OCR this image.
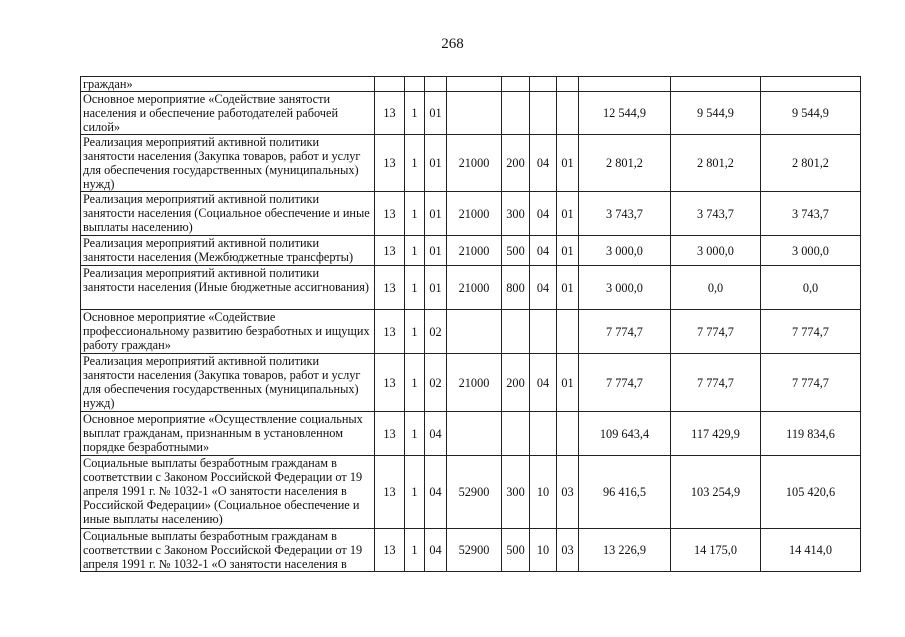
268
граждан»										
Основное мероприятие «Содействие занятости населения и обеспечение работодателей рабочей силой»	13	1	01					12 544,9	9 544,9	9 544,9
Реализация мероприятий активной политики занятости населения (Закупка товаров, работ и услуг для обеспечения государственных (муниципальных) нужд)	13	1	01	21000	200	04	01	2 801,2	2 801,2	2 801,2
Реализация мероприятий активной политики занятости населения (Социальное обеспечение и иные выплаты населению)	13	1	01	21000	300	04	01	3 743,7	3 743,7	3 743,7
Реализация мероприятий активной политики занятости населения (Межбюджетные трансферты)	13	1	01	21000	500	04	01	3 000,0	3 000,0	3 000,0
Реализация мероприятий активной политики занятости населения (Иные бюджетные ассигнования)	13	1	01	21000	800	04	01	3 000,0	0,0	0,0
Основное мероприятие «Содействие профессиональному развитию безработных и ищущих работу граждан»	13	1	02					7 774,7	7 774,7	7 774,7
Реализация мероприятий активной политики занятости населения (Закупка товаров, работ и услуг для обеспечения государственных (муниципальных) нужд)	13	1	02	21000	200	04	01	7 774,7	7 774,7	7 774,7
Основное мероприятие «Осуществление социальных выплат гражданам, признанным в установленном порядке безработными»	13	1	04					109 643,4	117 429,9	119 834,6
Социальные выплаты безработным гражданам в соответствии с Законом Российской Федерации от 19 апреля 1991 г. № 1032-1 «О занятости населения в Российской Федерации» (Социальное обеспечение и иные выплаты населению)	13	1	04	52900	300	10	03	96 416,5	103 254,9	105 420,6
Социальные выплаты безработным гражданам в соответствии с Законом Российской Федерации от 19 апреля 1991 г. № 1032-1 «О занятости населения в	13	1	04	52900	500	10	03	13 226,9	14 175,0	14 414,0
